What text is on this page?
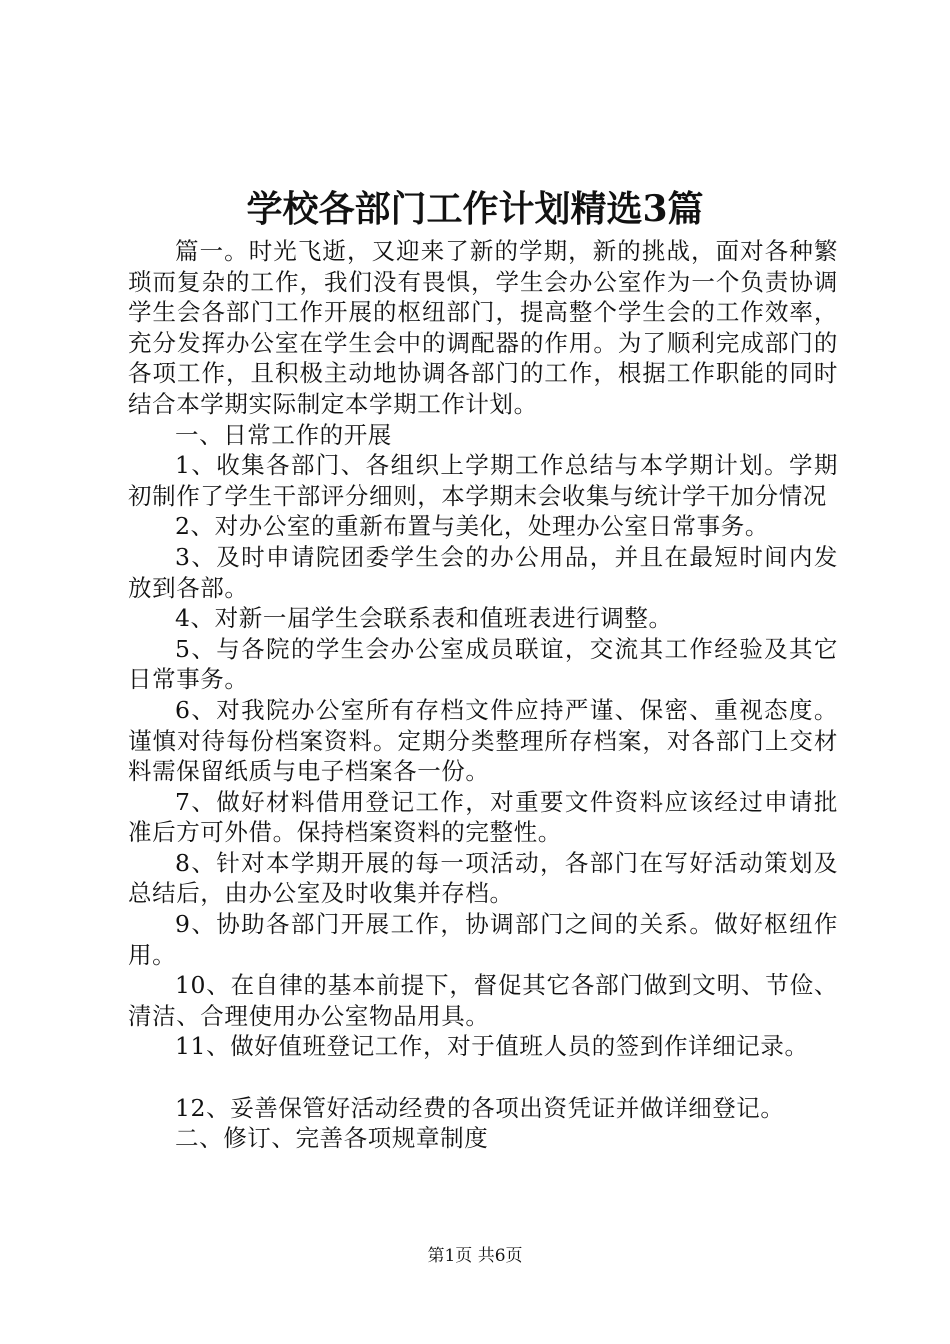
学校各部门工作计划精选3篇

篇一。时光飞逝，又迎来了新的学期，新的挑战，面对各种繁琐而复杂的工作，我们没有畏惧，学生会办公室作为一个负责协调学生会各部门工作开展的枢纽部门，提高整个学生会的工作效率，充分发挥办公室在学生会中的调配器的作用。为了顺利完成部门的各项工作，且积极主动地协调各部门的工作，根据工作职能的同时结合本学期实际制定本学期工作计划。

一、日常工作的开展

1、收集各部门、各组织上学期工作总结与本学期计划。学期初制作了学生干部评分细则，本学期末会收集与统计学干加分情况

2、对办公室的重新布置与美化，处理办公室日常事务。

3、及时申请院团委学生会的办公用品，并且在最短时间内发放到各部。

4、对新一届学生会联系表和值班表进行调整。

5、与各院的学生会办公室成员联谊，交流其工作经验及其它日常事务。

6、对我院办公室所有存档文件应持严谨、保密、重视态度。谨慎对待每份档案资料。定期分类整理所存档案，对各部门上交材料需保留纸质与电子档案各一份。

7、做好材料借用登记工作，对重要文件资料应该经过申请批准后方可外借。保持档案资料的完整性。

8、针对本学期开展的每一项活动，各部门在写好活动策划及总结后，由办公室及时收集并存档。

9、协助各部门开展工作，协调部门之间的关系。做好枢纽作用。

10、在自律的基本前提下，督促其它各部门做到文明、节俭、清洁、合理使用办公室物品用具。

11、做好值班登记工作，对于值班人员的签到作详细记录。

12、妥善保管好活动经费的各项出资凭证并做详细登记。

二、修订、完善各项规章制度

第1页 共6页
